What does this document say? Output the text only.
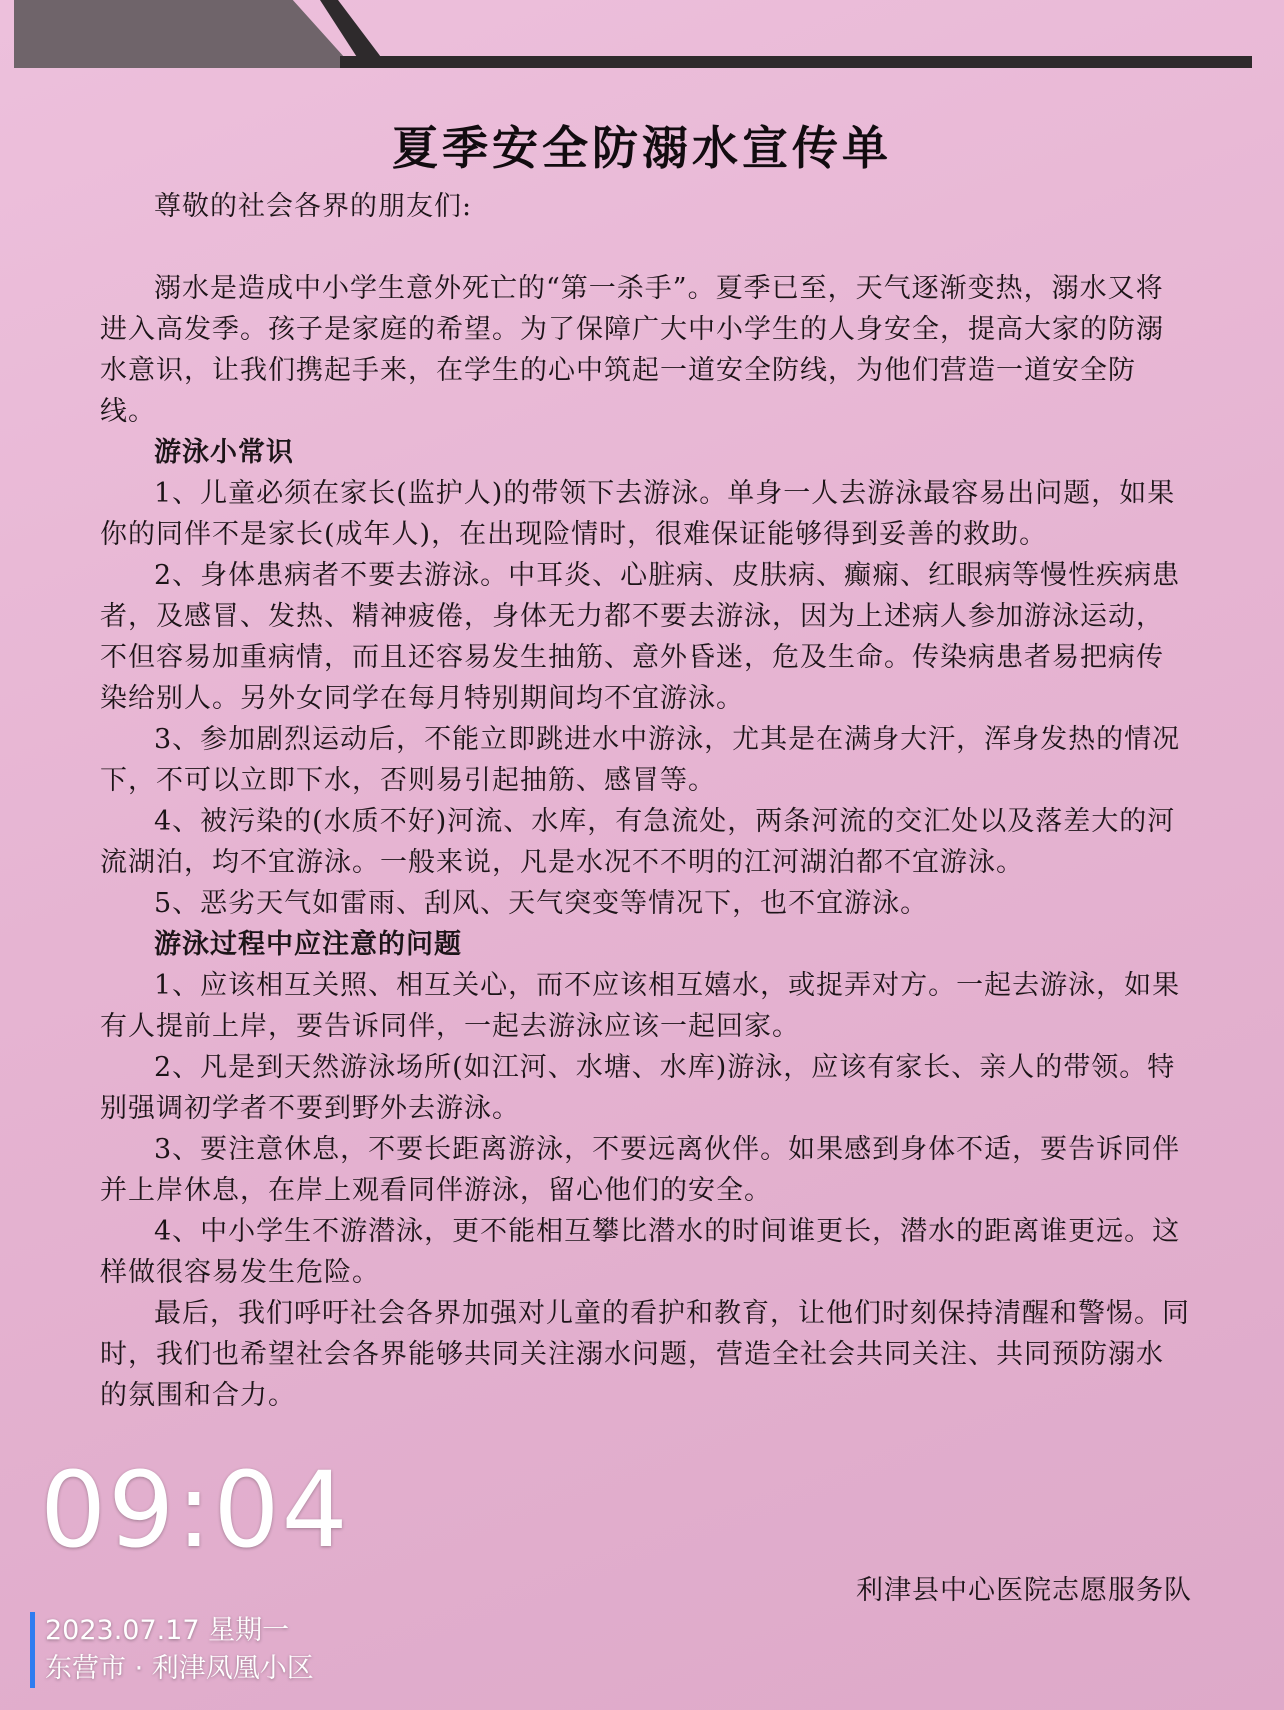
夏季安全防溺水宣传单

尊敬的社会各界的朋友们:

溺水是造成中小学生意外死亡的“第一杀手”。夏季已至，天气逐渐变热，溺水又将进入高发季。孩子是家庭的希望。为了保障广大中小学生的人身安全，提高大家的防溺水意识，让我们携起手来，在学生的心中筑起一道安全防线，为他们营造一道安全防线。

游泳小常识

1、儿童必须在家长(监护人)的带领下去游泳。单身一人去游泳最容易出问题，如果你的同伴不是家长(成年人)，在出现险情时，很难保证能够得到妥善的救助。

2、身体患病者不要去游泳。中耳炎、心脏病、皮肤病、癫痫、红眼病等慢性疾病患者，及感冒、发热、精神疲倦，身体无力都不要去游泳，因为上述病人参加游泳运动，不但容易加重病情，而且还容易发生抽筋、意外昏迷，危及生命。传染病患者易把病传染给别人。另外女同学在每月特别期间均不宜游泳。

3、参加剧烈运动后，不能立即跳进水中游泳，尤其是在满身大汗，浑身发热的情况下，不可以立即下水，否则易引起抽筋、感冒等。

4、被污染的(水质不好)河流、水库，有急流处，两条河流的交汇处以及落差大的河流湖泊，均不宜游泳。一般来说，凡是水况不不明的江河湖泊都不宜游泳。

5、恶劣天气如雷雨、刮风、天气突变等情况下，也不宜游泳。

游泳过程中应注意的问题

1、应该相互关照、相互关心，而不应该相互嬉水，或捉弄对方。一起去游泳，如果有人提前上岸，要告诉同伴，一起去游泳应该一起回家。

2、凡是到天然游泳场所(如江河、水塘、水库)游泳，应该有家长、亲人的带领。特别强调初学者不要到野外去游泳。

3、要注意休息，不要长距离游泳，不要远离伙伴。如果感到身体不适，要告诉同伴并上岸休息，在岸上观看同伴游泳，留心他们的安全。

4、中小学生不游潜泳，更不能相互攀比潜水的时间谁更长，潜水的距离谁更远。这样做很容易发生危险。

最后，我们呼吁社会各界加强对儿童的看护和教育，让他们时刻保持清醒和警惕。同时，我们也希望社会各界能够共同关注溺水问题，营造全社会共同关注、共同预防溺水的氛围和合力。

利津县中心医院志愿服务队
09:04
2023.07.17 星期一
东营市 · 利津凤凰小区
